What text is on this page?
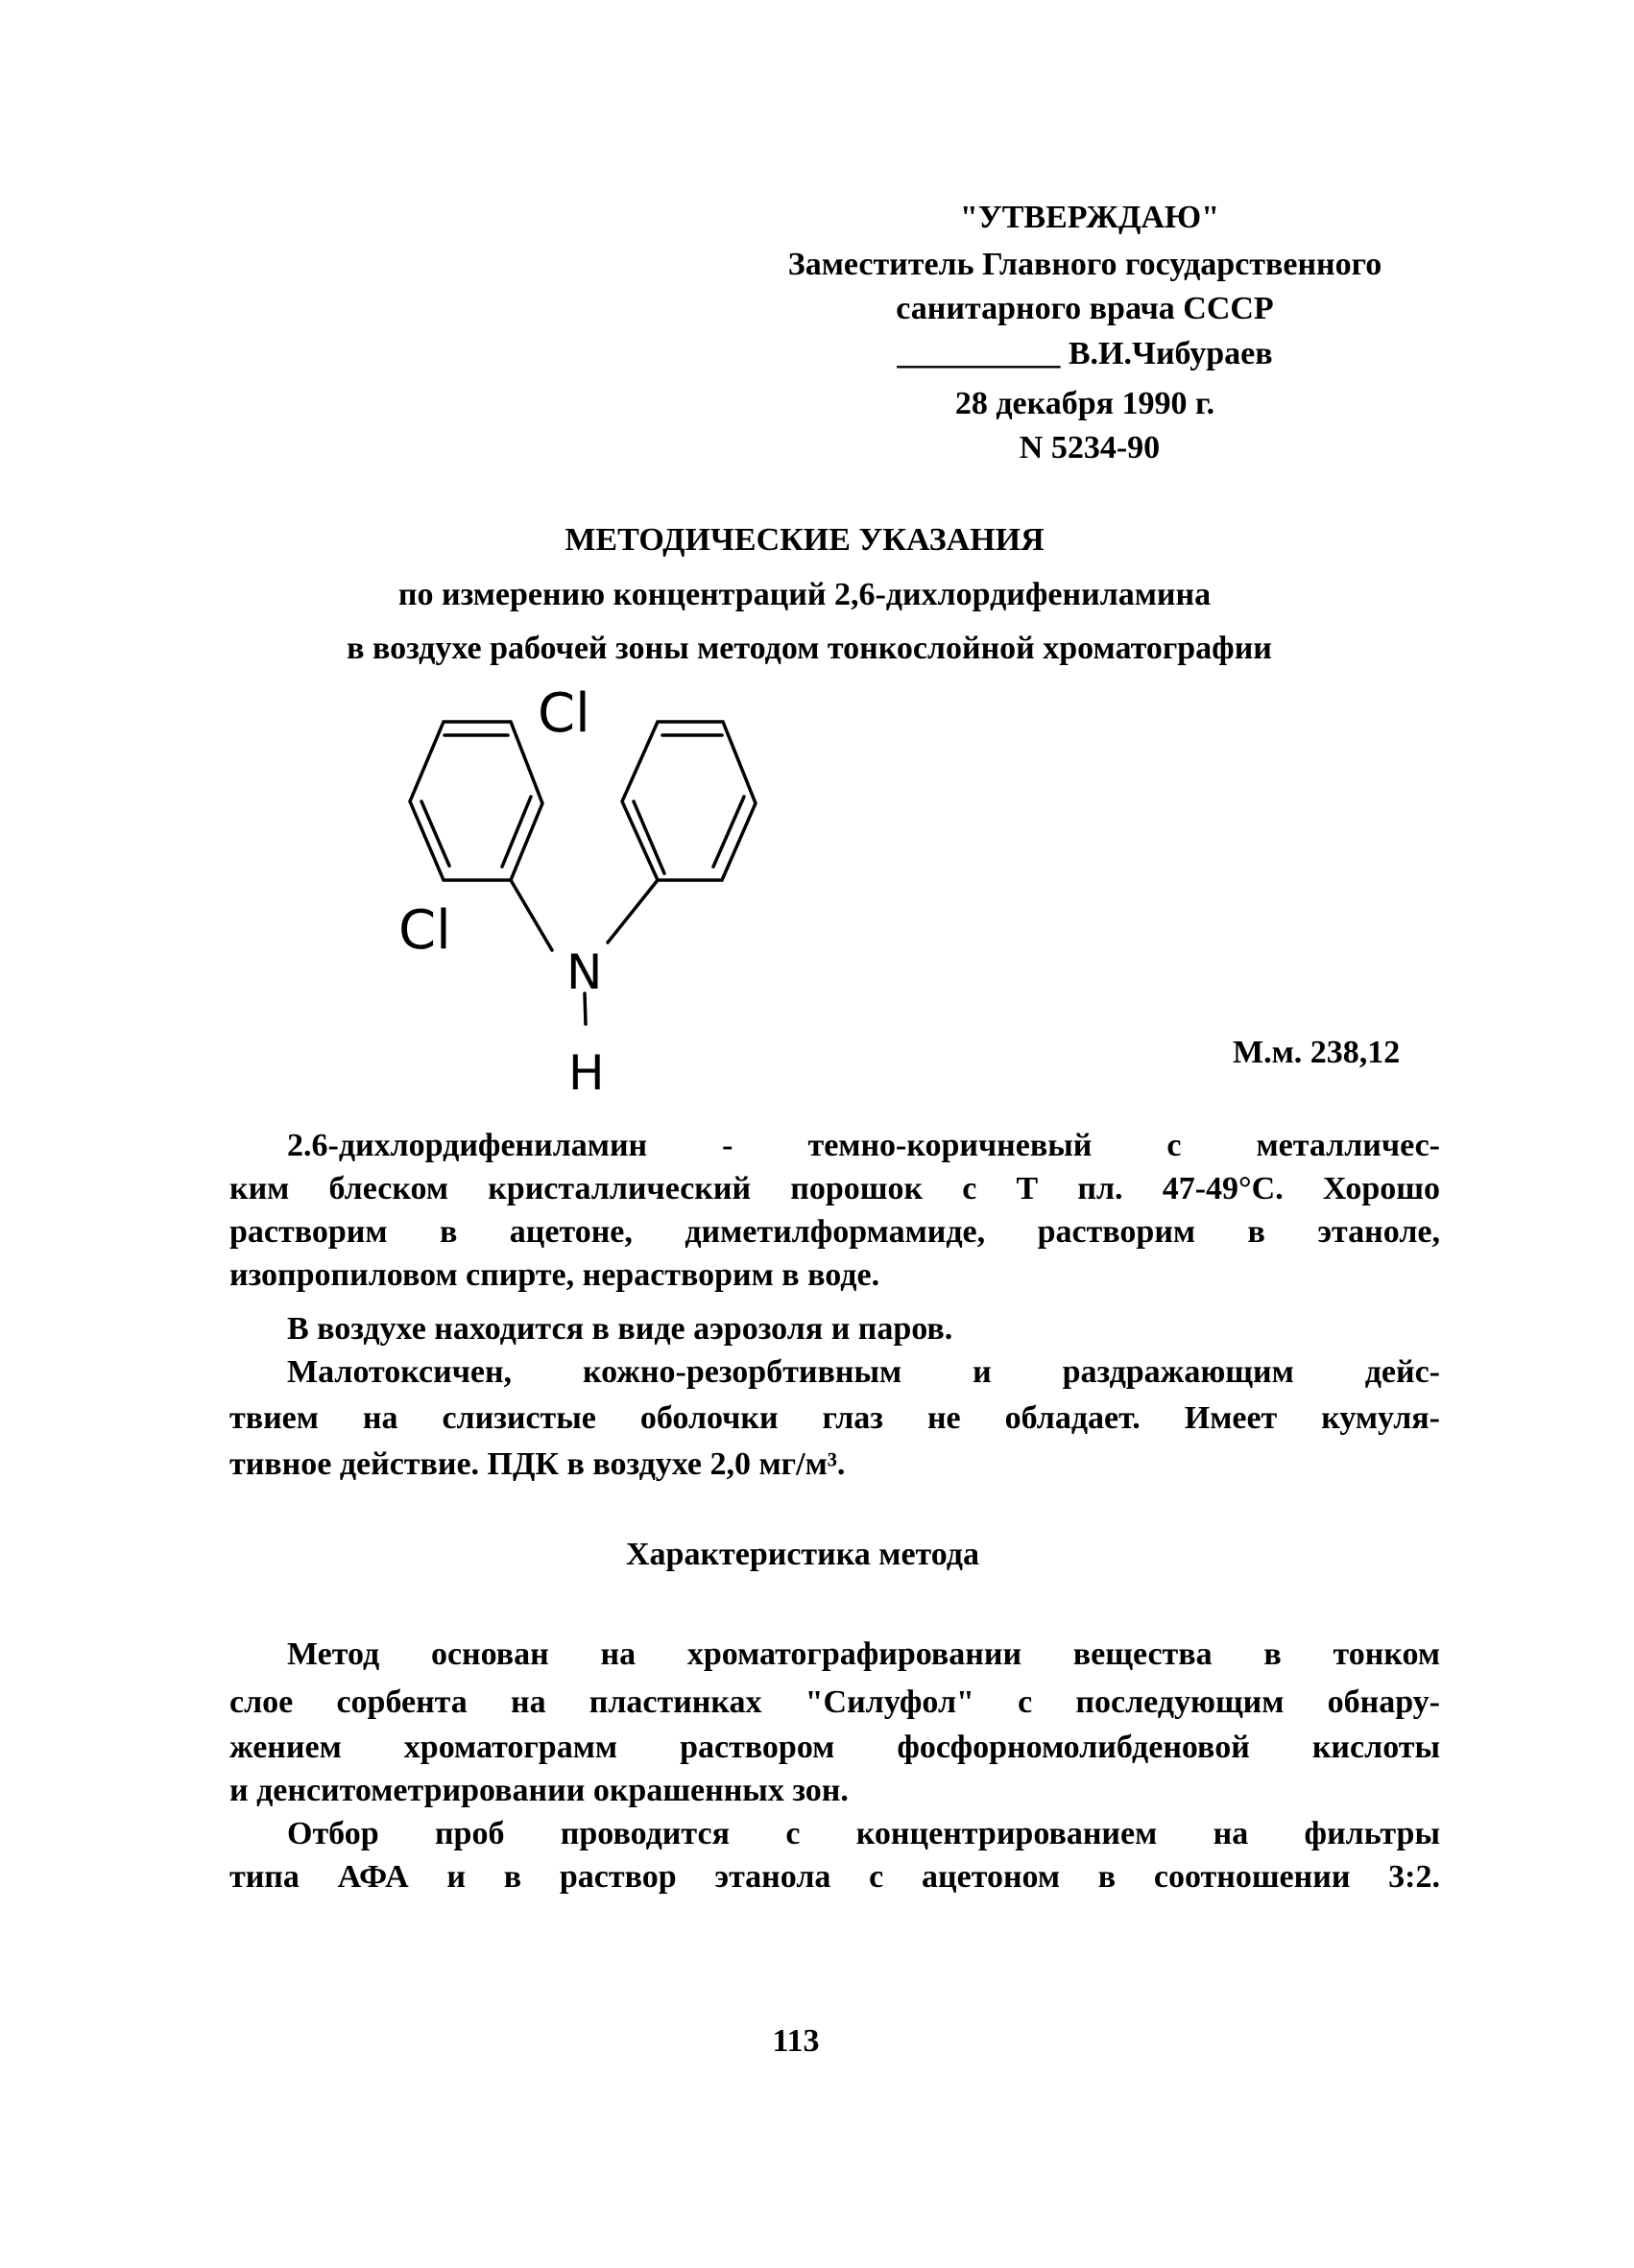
"УТВЕРЖДАЮ"
Заместитель Главного государственного
санитарного врача СССР
__________ В.И.Чибураев
28 декабря 1990 г.
N 5234-90
МЕТОДИЧЕСКИЕ УКАЗАНИЯ
по измерению концентраций 2,6-дихлордифениламина
в воздухе рабочей зоны методом тонкослойной хроматографии
Cl
Cl
N
H	М.м. 238,12
2.6-дихлордифениламин - темно-коричневый с металличес-
ким блеском кристаллический порошок с Т пл. 47-49°С. Хорошо
растворим в ацетоне, диметилформамиде, растворим в этаноле,
изопропиловом спирте, нерастворим в воде.
В воздухе находится в виде аэрозоля и паров.
Малотоксичен, кожно-резорбтивным и раздражающим дейс-
твием на слизистые оболочки глаз не обладает. Имеет кумуля-
тивное действие. ПДК в воздухе 2,0 мг/м³.
Характеристика метода
Метод основан на хроматографировании вещества в тонком
слое сорбента на пластинках "Силуфол" с последующим обнару-
жением хроматограмм раствором фосфорномолибденовой кислоты
и денситометрировании окрашенных зон.
Отбор проб проводится с концентрированием на фильтры
типа АФА и в раствор этанола с ацетоном в соотношении 3:2.
113
